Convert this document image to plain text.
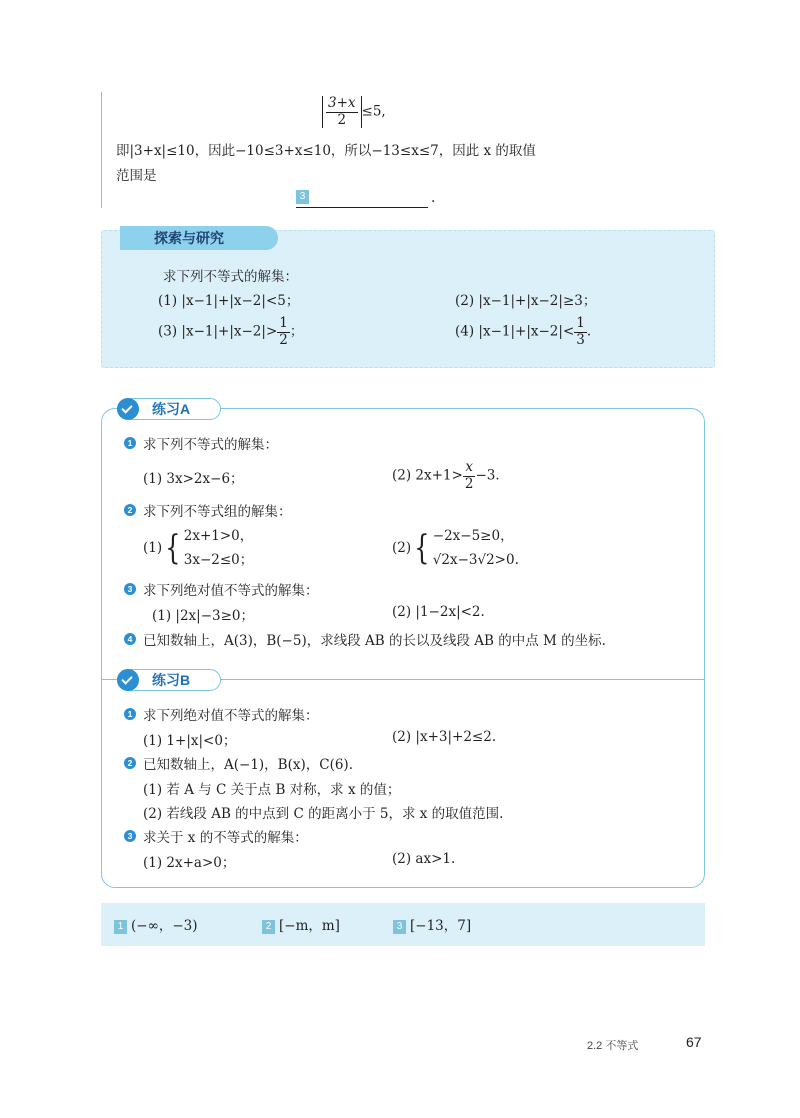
$\frac{3+x}{2} \le 5$,
即|3+x|≤10，因此−10≤3+x≤10，所以−13≤x≤7，因此 x 的取值
范围是
3	.
探索与研究
求下列不等式的解集：
(1) |x−1|+|x−2|<5；	(2) |x−1|+|x−2|≥3；
(3) $|x-1|+|x-2|> \frac{1}{2}$ ；	(4) $|x-1|+|x-2|< \frac{1}{3}$ .
练习A
1 求下列不等式的解集：
(1) 3x>2x−6；	(2) $2x+1> \frac{x}{2} -3$.
2 求下列不等式组的解集：
(1){ 2x+1>0，
3x−2≤0；
(2){ −2x−5≥0，
√2x−3√2>0.
3 求下列绝对值不等式的解集：
(1) |2x|−3≥0；	(2) |1−2x|<2.
4 已知数轴上，A(3)，B(−5)，求线段 AB 的长以及线段 AB 的中点 M 的坐标.
练习B
1 求下列绝对值不等式的解集：
(1) 1+|x|<0；	(2) |x+3|+2≤2.
2 已知数轴上，A(−1)，B(x)，C(6).
(1) 若 A 与 C 关于点 B 对称，求 x 的值；
(2) 若线段 AB 的中点到 C 的距离小于 5，求 x 的取值范围.
3 求关于 x 的不等式的解集：
(1) 2x+a>0；	(2) ax>1.
1 (−∞，−3)	2 [−m，m]	3 [−13，7]
2.2 不等式	67
